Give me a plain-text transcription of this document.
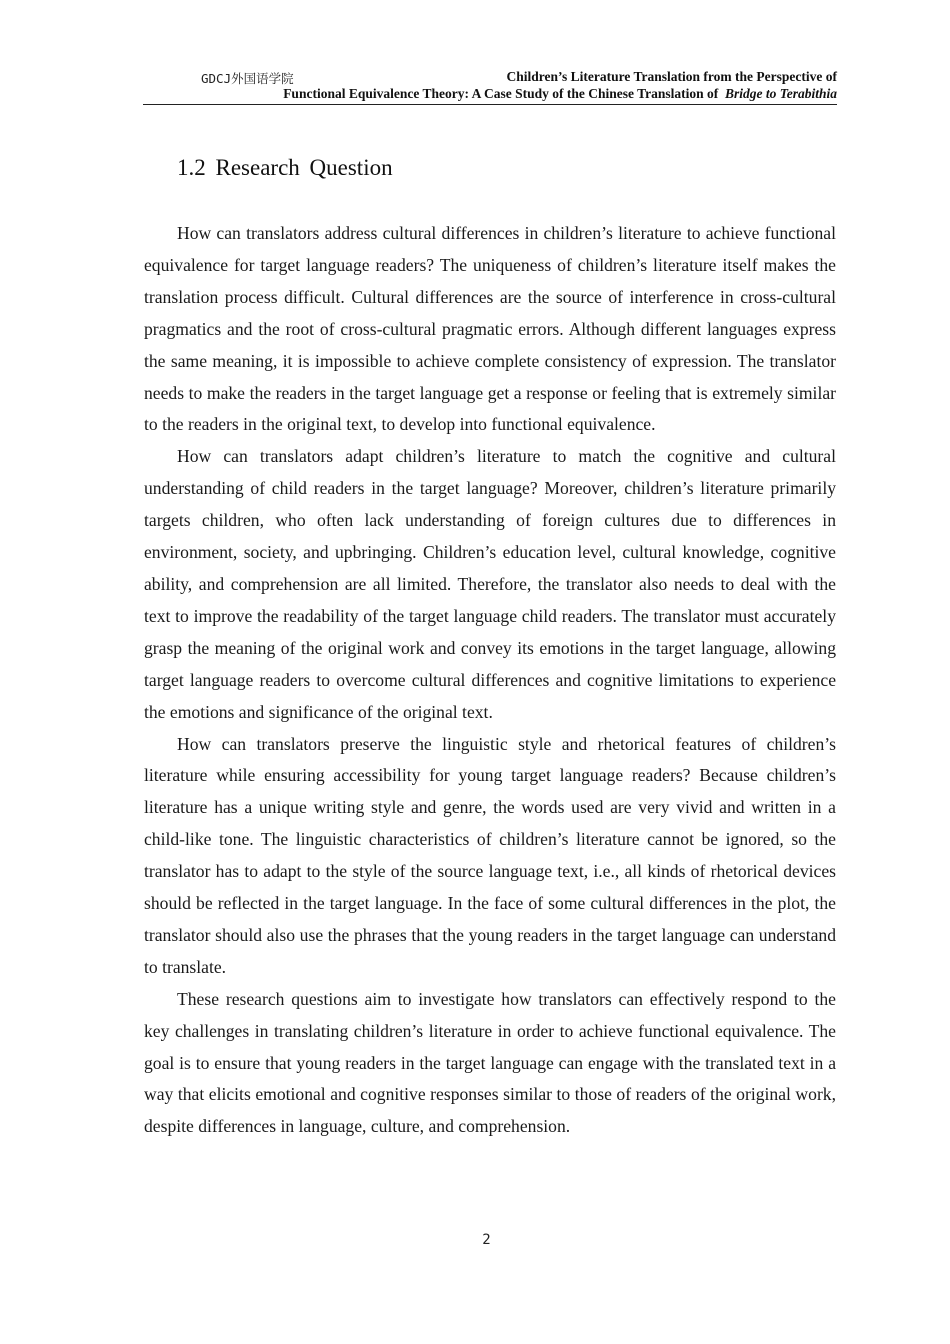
GDCJ外国语学院	Children’s Literature Translation from the Perspective of
Functional Equivalence Theory: A Case Study of the Chinese Translation of Bridge to Terabithia
1.2 Research Question

How can translators address cultural differences in children’s literature to achieve functional equivalence for target language readers? The uniqueness of children’s literature itself makes the translation process difficult. Cultural differences are the source of interference in cross-cultural pragmatics and the root of cross-cultural pragmatic errors. Although different languages express the same meaning, it is impossible to achieve complete consistency of expression. The translator needs to make the readers in the target language get a response or feeling that is extremely similar to the readers in the original text, to develop into functional equivalence.

How can translators adapt children’s literature to match the cognitive and cultural understanding of child readers in the target language? Moreover, children’s literature primarily targets children, who often lack understanding of foreign cultures due to differences in environment, society, and upbringing. Children’s education level, cultural knowledge, cognitive ability, and comprehension are all limited. Therefore, the translator also needs to deal with the text to improve the readability of the target language child readers. The translator must accurately grasp the meaning of the original work and convey its emotions in the target language, allowing target language readers to overcome cultural differences and cognitive limitations to experience the emotions and significance of the original text.

How can translators preserve the linguistic style and rhetorical features of children’s literature while ensuring accessibility for young target language readers? Because children’s literature has a unique writing style and genre, the words used are very vivid and written in a child-like tone. The linguistic characteristics of children’s literature cannot be ignored, so the translator has to adapt to the style of the source language text, i.e., all kinds of rhetorical devices should be reflected in the target language. In the face of some cultural differences in the plot, the translator should also use the phrases that the young readers in the target language can understand to translate.

These research questions aim to investigate how translators can effectively respond to the key challenges in translating children’s literature in order to achieve functional equivalence. The goal is to ensure that young readers in the target language can engage with the translated text in a way that elicits emotional and cognitive responses similar to those of readers of the original work, despite differences in language, culture, and comprehension.

2
